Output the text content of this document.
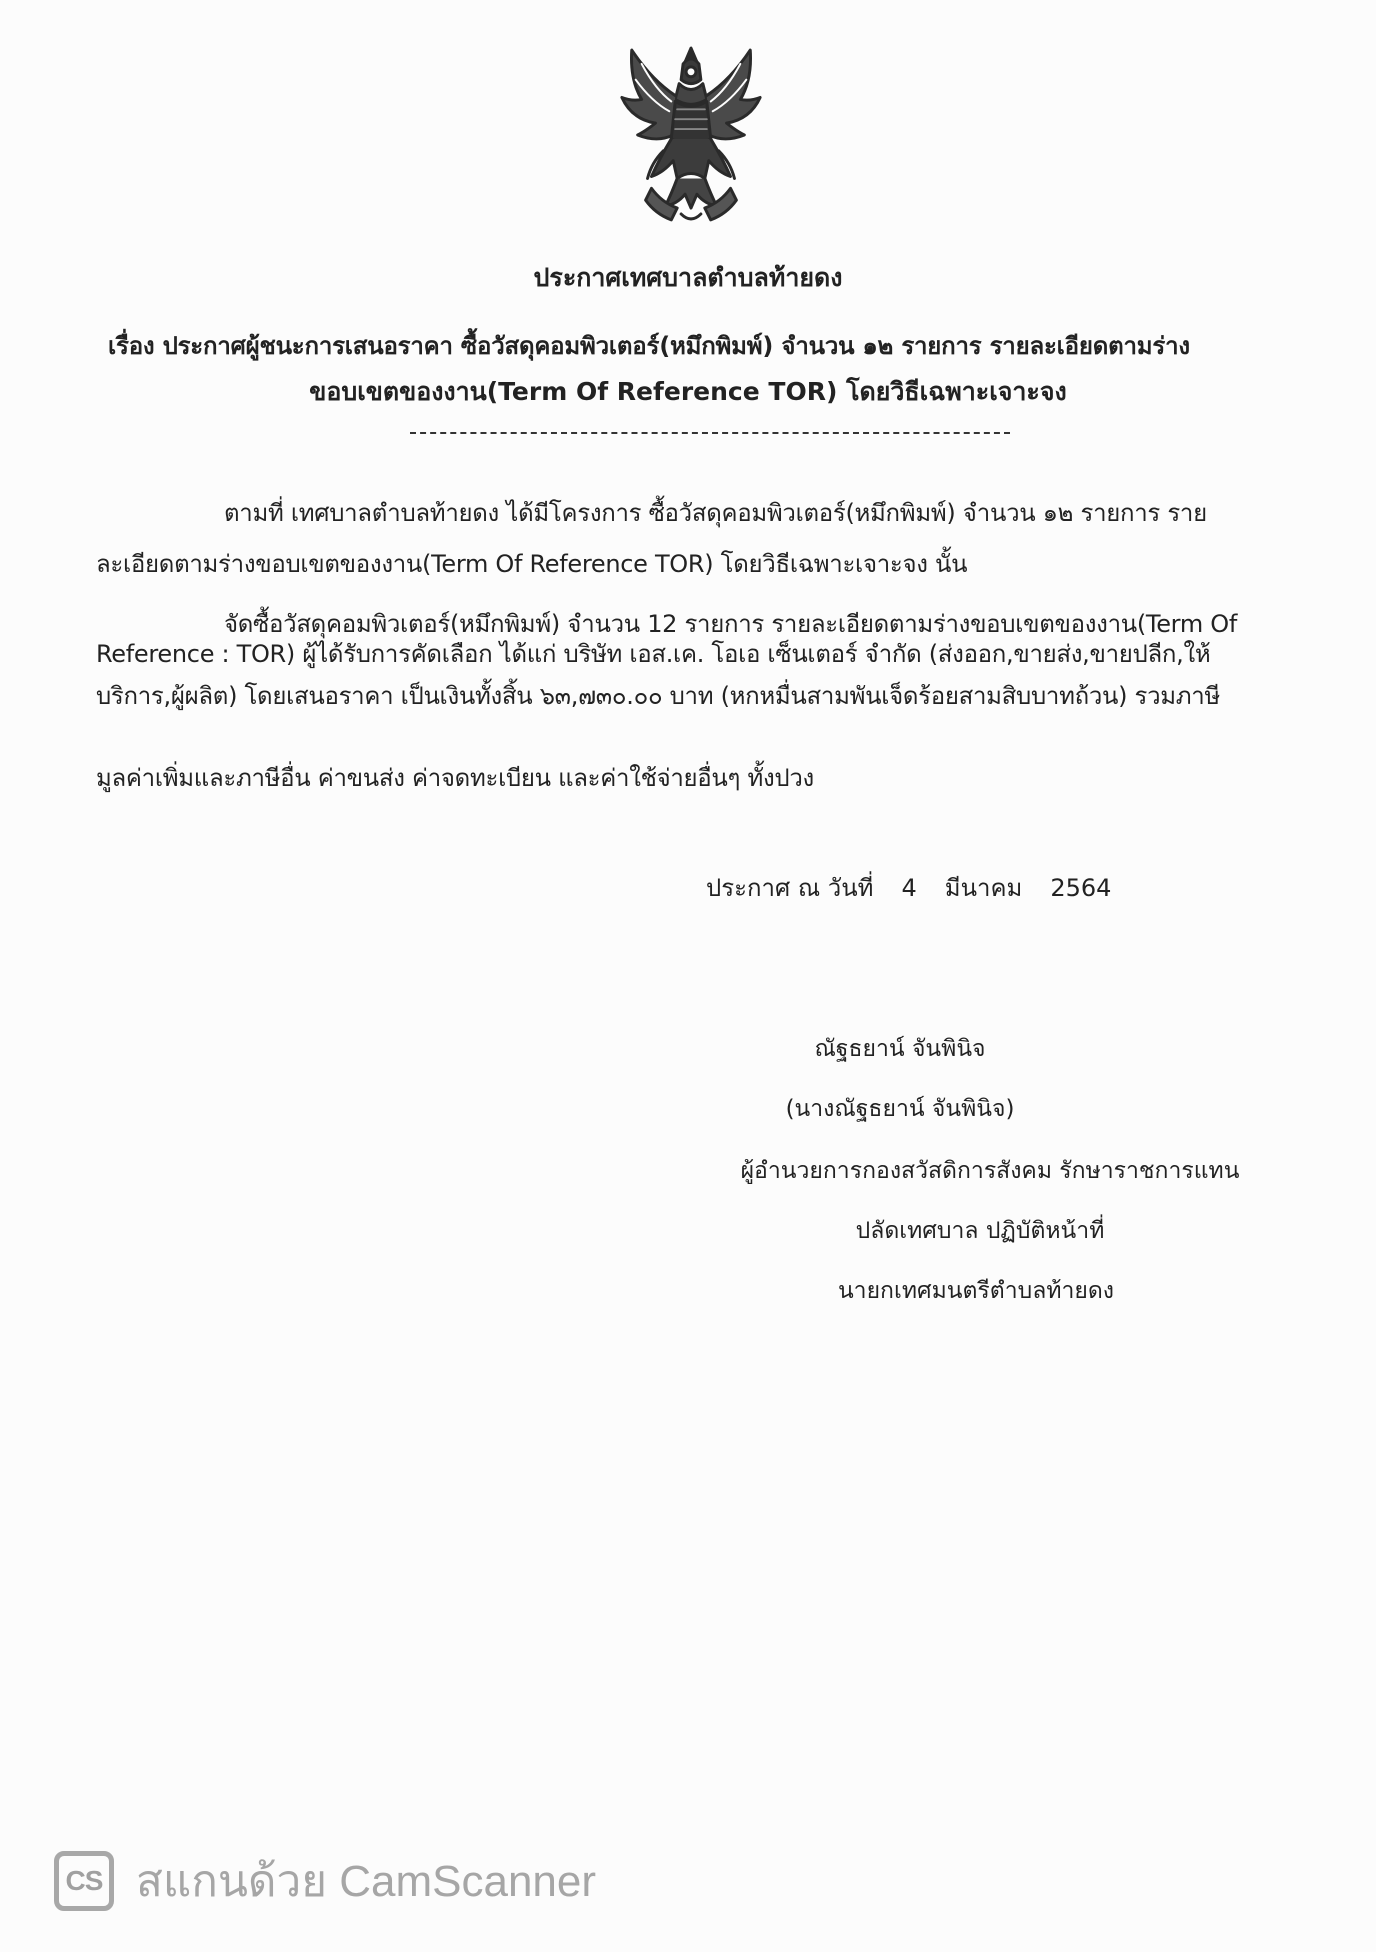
ประกาศเทศบาลตำบลท้ายดง
เรื่อง ประกาศผู้ชนะการเสนอราคา ซื้อวัสดุคอมพิวเตอร์(หมึกพิมพ์) จำนวน ๑๒ รายการ รายละเอียดตามร่าง
ขอบเขตของงาน(Term Of Reference TOR) โดยวิธีเฉพาะเจาะจง
ตามที่ เทศบาลตำบลท้ายดง ได้มีโครงการ ซื้อวัสดุคอมพิวเตอร์(หมึกพิมพ์) จำนวน ๑๒ รายการ ราย
ละเอียดตามร่างขอบเขตของงาน(Term Of Reference TOR) โดยวิธีเฉพาะเจาะจง นั้น
จัดซื้อวัสดุคอมพิวเตอร์(หมึกพิมพ์) จำนวน 12 รายการ รายละเอียดตามร่างขอบเขตของงาน(Term Of
Reference : TOR) ผู้ได้รับการคัดเลือก ได้แก่ บริษัท เอส.เค. โอเอ เซ็นเตอร์ จำกัด (ส่งออก,ขายส่ง,ขายปลีก,ให้
บริการ,ผู้ผลิต) โดยเสนอราคา เป็นเงินทั้งสิ้น ๖๓,๗๓๐.๐๐ บาท (หกหมื่นสามพันเจ็ดร้อยสามสิบบาทถ้วน) รวมภาษี
มูลค่าเพิ่มและภาษีอื่น ค่าขนส่ง ค่าจดทะเบียน และค่าใช้จ่ายอื่นๆ ทั้งปวง
ประกาศ ณ วันที่ 4 มีนาคม 2564
ณัฐธยาน์ จันพินิจ
(นางณัฐธยาน์ จันพินิจ)
ผู้อำนวยการกองสวัสดิการสังคม รักษาราชการแทน
ปลัดเทศบาล ปฏิบัติหน้าที่
นายกเทศมนตรีตำบลท้ายดง
CS สแกนด้วย CamScanner
